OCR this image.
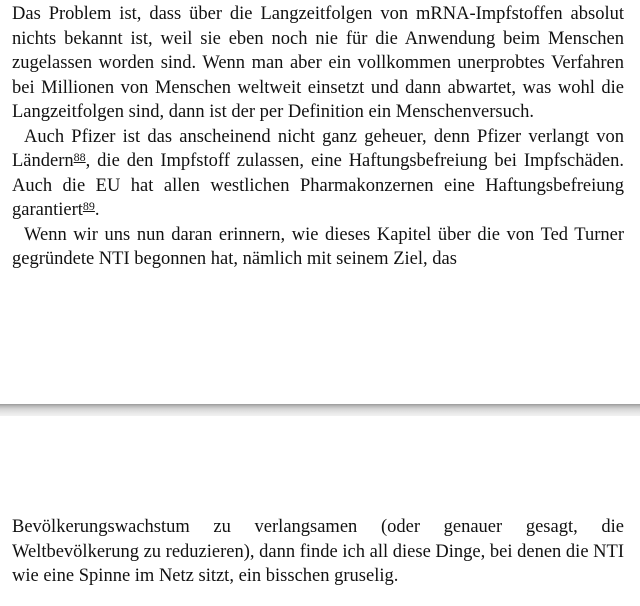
Das Problem ist, dass über die Langzeitfolgen von mRNA-Impfstoffen absolut nichts bekannt ist, weil sie eben noch nie für die Anwendung beim Menschen zugelassen worden sind. Wenn man aber ein vollkommen unerprobtes Verfahren bei Millionen von Menschen weltweit einsetzt und dann abwartet, was wohl die Langzeitfolgen sind, dann ist der per Definition ein Menschenversuch.

Auch Pfizer ist das anscheinend nicht ganz geheuer, denn Pfizer verlangt von Ländern$^{88}$, die den Impfstoff zulassen, eine Haftungsbefreiung bei Impfschäden. Auch die EU hat allen westlichen Pharmakonzernen eine Haftungsbefreiung garantiert$^{89}$.

Wenn wir uns nun daran erinnern, wie dieses Kapitel über die von Ted Turner gegründete NTI begonnen hat, nämlich mit seinem Ziel, das

Bevölkerungswachstum zu verlangsamen (oder genauer gesagt, die Weltbevölkerung zu reduzieren), dann finde ich all diese Dinge, bei denen die NTI wie eine Spinne im Netz sitzt, ein bisschen gruselig.
